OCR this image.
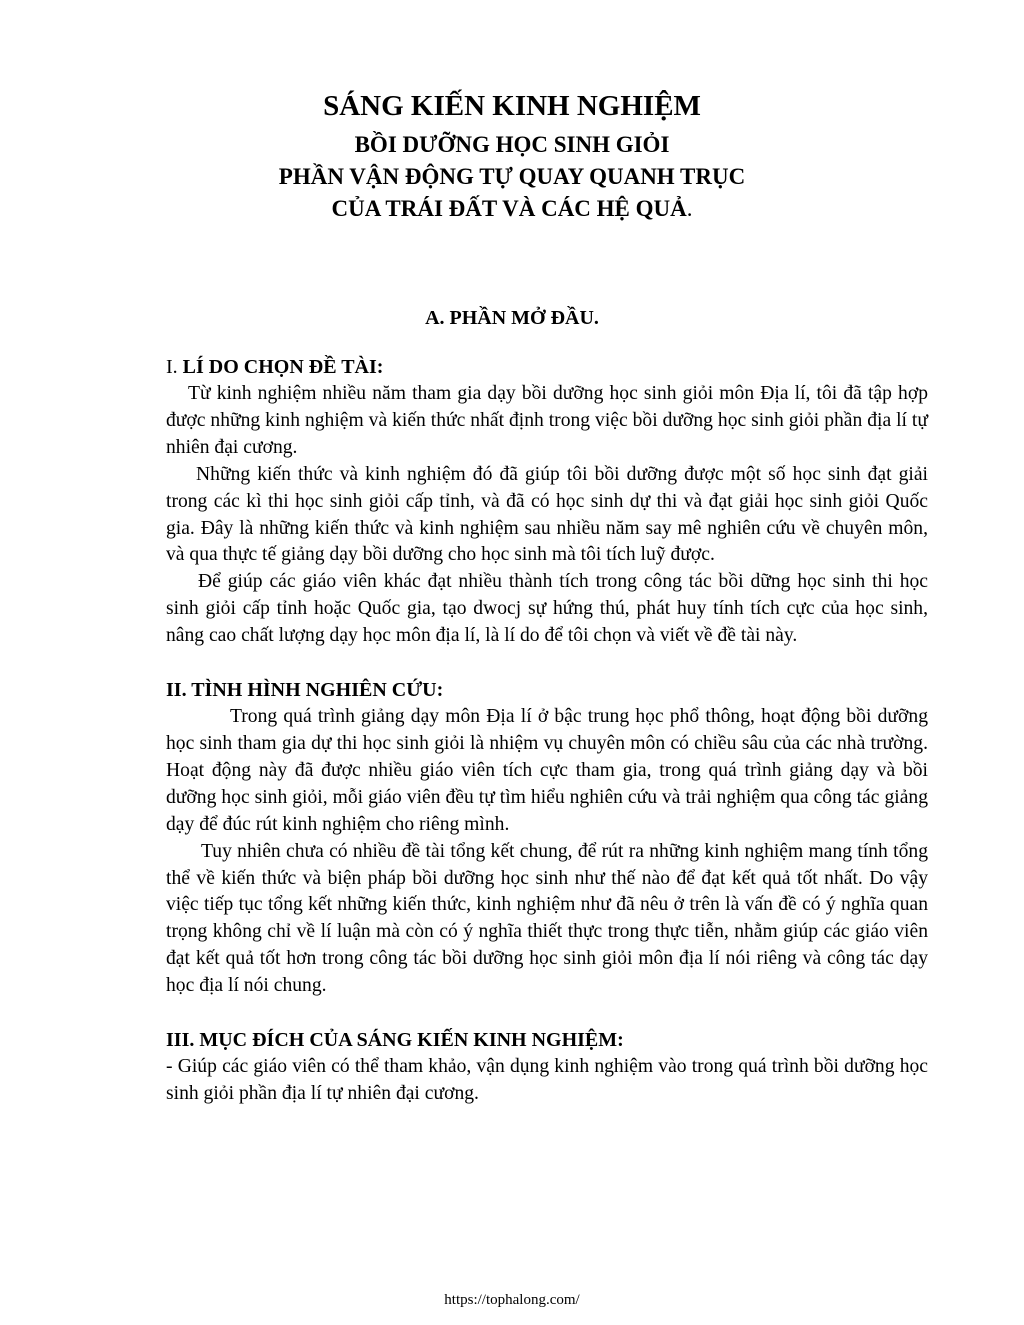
SÁNG KIẾN KINH NGHIỆM
BỒI DƯỠNG HỌC SINH GIỎI
PHẦN VẬN ĐỘNG TỰ QUAY QUANH TRỤC
CỦA TRÁI ĐẤT VÀ CÁC HỆ QUẢ.
A. PHẦN MỞ ĐẦU.
I. LÍ DO CHỌN ĐỀ TÀI:

Từ kinh nghiệm nhiều năm tham gia dạy bồi dưỡng học sinh giỏi môn Địa lí, tôi đã tập hợp được những kinh nghiệm và kiến thức nhất định trong việc bồi dưỡng học sinh giỏi phần địa lí tự nhiên đại cương.

Những kiến thức và kinh nghiệm đó đã giúp tôi bồi dưỡng được một số học sinh đạt giải trong các kì thi học sinh giỏi cấp tỉnh, và đã có học sinh dự thi và đạt giải học sinh giỏi Quốc gia. Đây là những kiến thức và kinh nghiệm sau nhiều năm say mê nghiên cứu về chuyên môn, và qua thực tế giảng dạy bồi dưỡng cho học sinh mà tôi tích luỹ được.

Để giúp các giáo viên khác đạt nhiều thành tích trong công tác bồi dững học sinh thi học sinh giỏi cấp tỉnh hoặc Quốc gia, tạo dwocj sự hứng thú, phát huy tính tích cực của học sinh, nâng cao chất lượng dạy học môn địa lí, là lí do để tôi chọn và viết về đề tài này.

II. TÌNH HÌNH NGHIÊN CỨU:

Trong quá trình giảng dạy môn Địa lí ở bậc trung học phổ thông, hoạt động bồi dưỡng học sinh tham gia dự thi học sinh giỏi là nhiệm vụ chuyên môn có chiều sâu của các nhà trường. Hoạt động này đã được nhiều giáo viên tích cực tham gia, trong quá trình giảng dạy và bồi dưỡng học sinh giỏi, mỗi giáo viên đều tự tìm hiểu nghiên cứu và trải nghiệm qua công tác giảng dạy để đúc rút kinh nghiệm cho riêng mình.

Tuy nhiên chưa có nhiều đề tài tổng kết chung, để rút ra những kinh nghiệm mang tính tổng thể về kiến thức và biện pháp bồi dưỡng học sinh như thế nào để đạt kết quả tốt nhất. Do vậy việc tiếp tục tổng kết những kiến thức, kinh nghiệm như đã nêu ở trên là vấn đề có ý nghĩa quan trọng không chỉ về lí luận mà còn có ý nghĩa thiết thực trong thực tiễn, nhằm giúp các giáo viên đạt kết quả tốt hơn trong công tác bồi dưỡng học sinh giỏi môn địa lí nói riêng và công tác dạy học địa lí nói chung.

III. MỤC ĐÍCH CỦA SÁNG KIẾN KINH NGHIỆM:

- Giúp các giáo viên có thể tham khảo, vận dụng kinh nghiệm vào trong quá trình bồi dưỡng học sinh giỏi phần địa lí tự nhiên đại cương.

https://tophalong.com/
